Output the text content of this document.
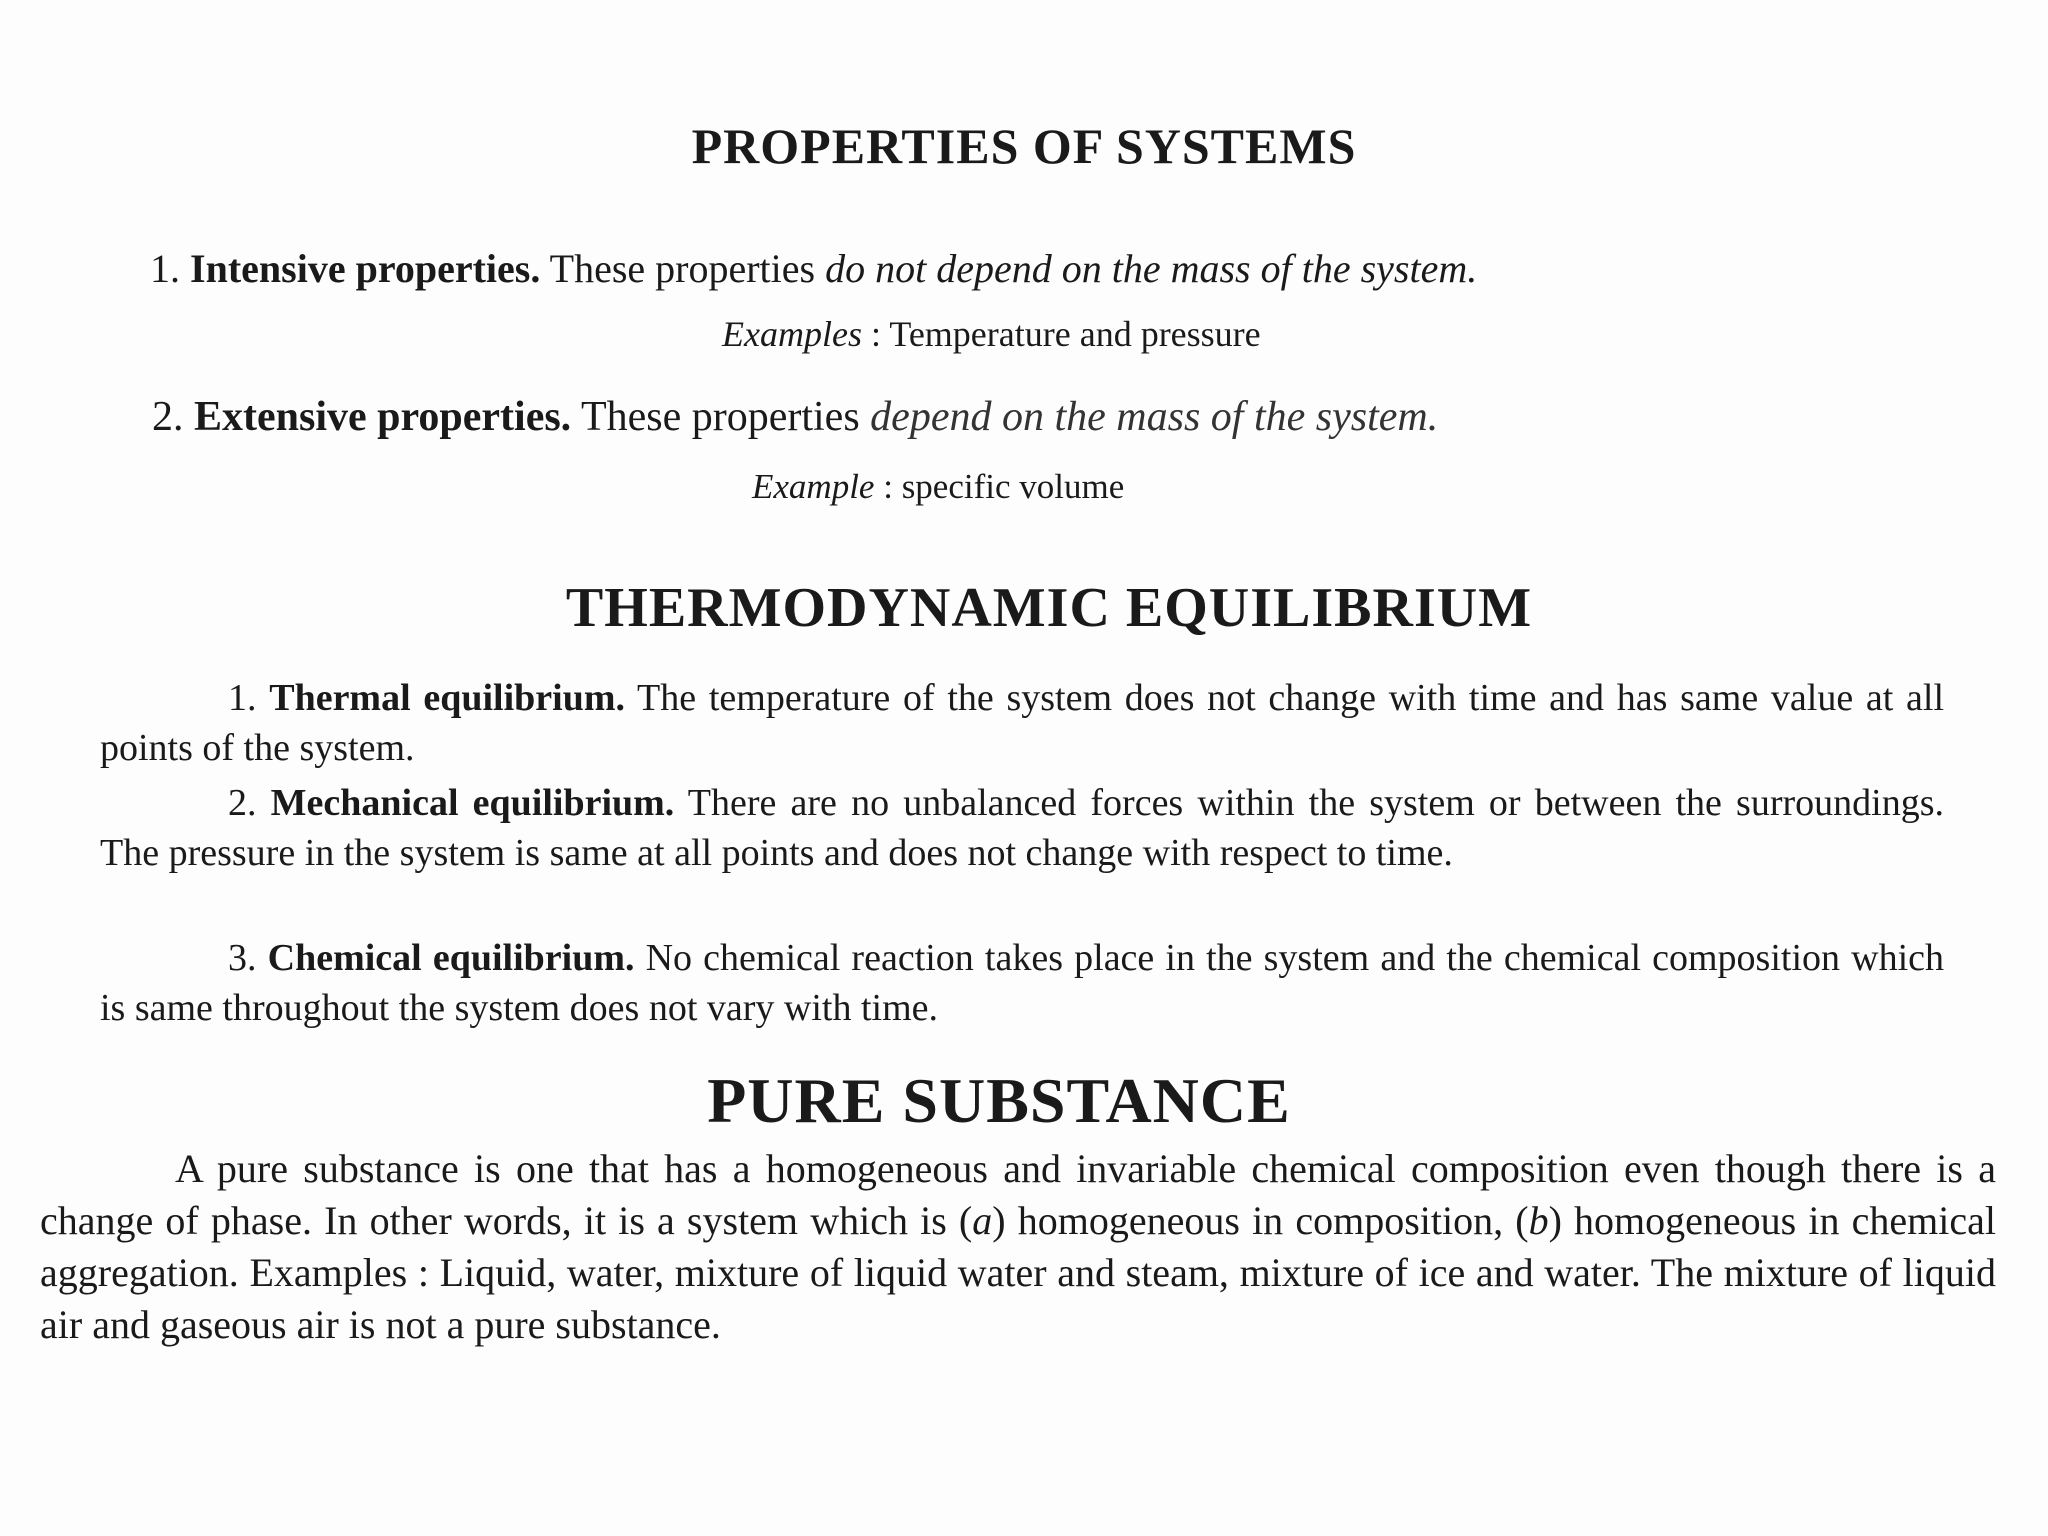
PROPERTIES OF SYSTEMS
1. Intensive properties. These properties do not depend on the mass of the system.
Examples : Temperature and pressure
2. Extensive properties. These properties depend on the mass of the system.
Example : specific volume
THERMODYNAMIC EQUILIBRIUM
1. Thermal equilibrium. The temperature of the system does not change with time and has same value at all points of the system.
2. Mechanical equilibrium. There are no unbalanced forces within the system or between the surroundings. The pressure in the system is same at all points and does not change with respect to time.
3. Chemical equilibrium. No chemical reaction takes place in the system and the chemical composition which is same throughout the system does not vary with time.
PURE SUBSTANCE
A pure substance is one that has a homogeneous and invariable chemical composition even though there is a change of phase. In other words, it is a system which is (a) homogeneous in composition, (b) homogeneous in chemical aggregation. Examples : Liquid, water, mixture of liquid water and steam, mixture of ice and water. The mixture of liquid air and gaseous air is not a pure substance.
